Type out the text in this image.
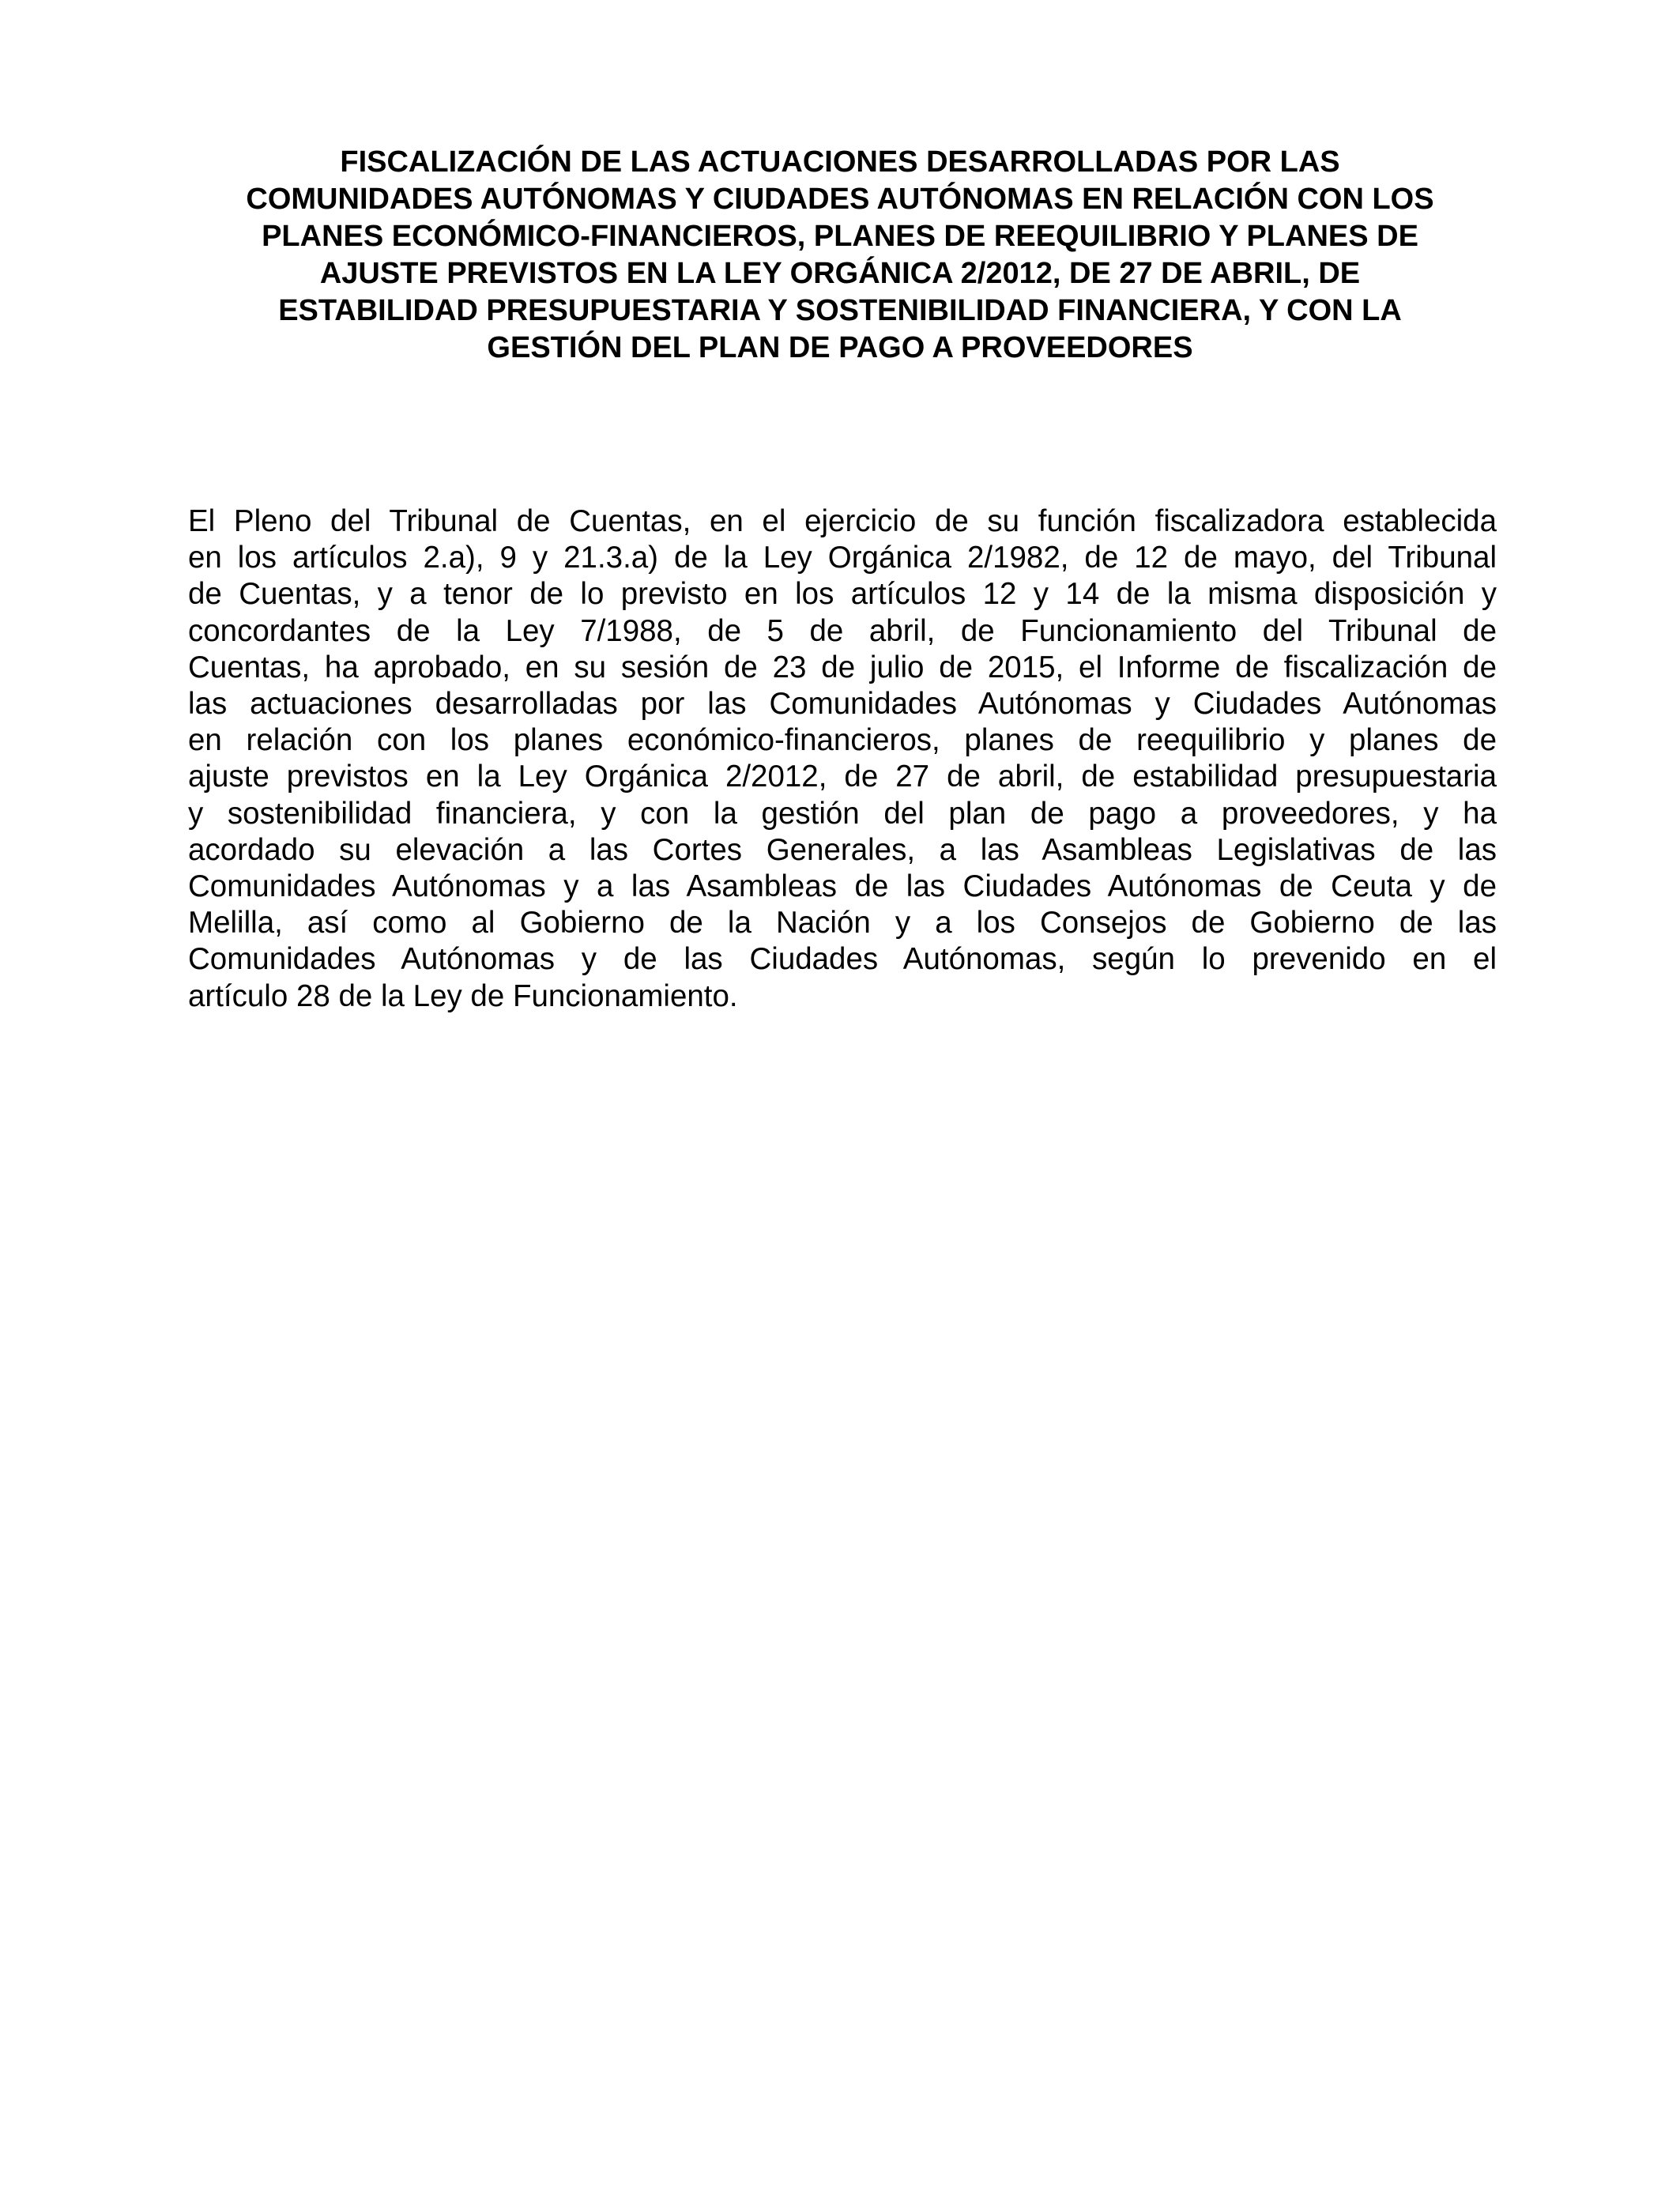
FISCALIZACIÓN DE LAS ACTUACIONES DESARROLLADAS POR LAS
COMUNIDADES AUTÓNOMAS Y CIUDADES AUTÓNOMAS EN RELACIÓN CON LOS
PLANES ECONÓMICO-FINANCIEROS, PLANES DE REEQUILIBRIO Y PLANES DE
AJUSTE PREVISTOS EN LA LEY ORGÁNICA 2/2012, DE 27 DE ABRIL, DE
ESTABILIDAD PRESUPUESTARIA Y SOSTENIBILIDAD FINANCIERA, Y CON LA
GESTIÓN DEL PLAN DE PAGO A PROVEEDORES

El Pleno del Tribunal de Cuentas, en el ejercicio de su función fiscalizadora establecida
en los artículos 2.a), 9 y 21.3.a) de la Ley Orgánica 2/1982, de 12 de mayo, del Tribunal
de Cuentas, y a tenor de lo previsto en los artículos 12 y 14 de la misma disposición y
concordantes de la Ley 7/1988, de 5 de abril, de Funcionamiento del Tribunal de
Cuentas, ha aprobado, en su sesión de 23 de julio de 2015, el Informe de fiscalización de
las actuaciones desarrolladas por las Comunidades Autónomas y Ciudades Autónomas
en relación con los planes económico-financieros, planes de reequilibrio y planes de
ajuste previstos en la Ley Orgánica 2/2012, de 27 de abril, de estabilidad presupuestaria
y sostenibilidad financiera, y con la gestión del plan de pago a proveedores, y ha
acordado su elevación a las Cortes Generales, a las Asambleas Legislativas de las
Comunidades Autónomas y a las Asambleas de las Ciudades Autónomas de Ceuta y de
Melilla, así como al Gobierno de la Nación y a los Consejos de Gobierno de las
Comunidades Autónomas y de las Ciudades Autónomas, según lo prevenido en el
artículo 28 de la Ley de Funcionamiento.
